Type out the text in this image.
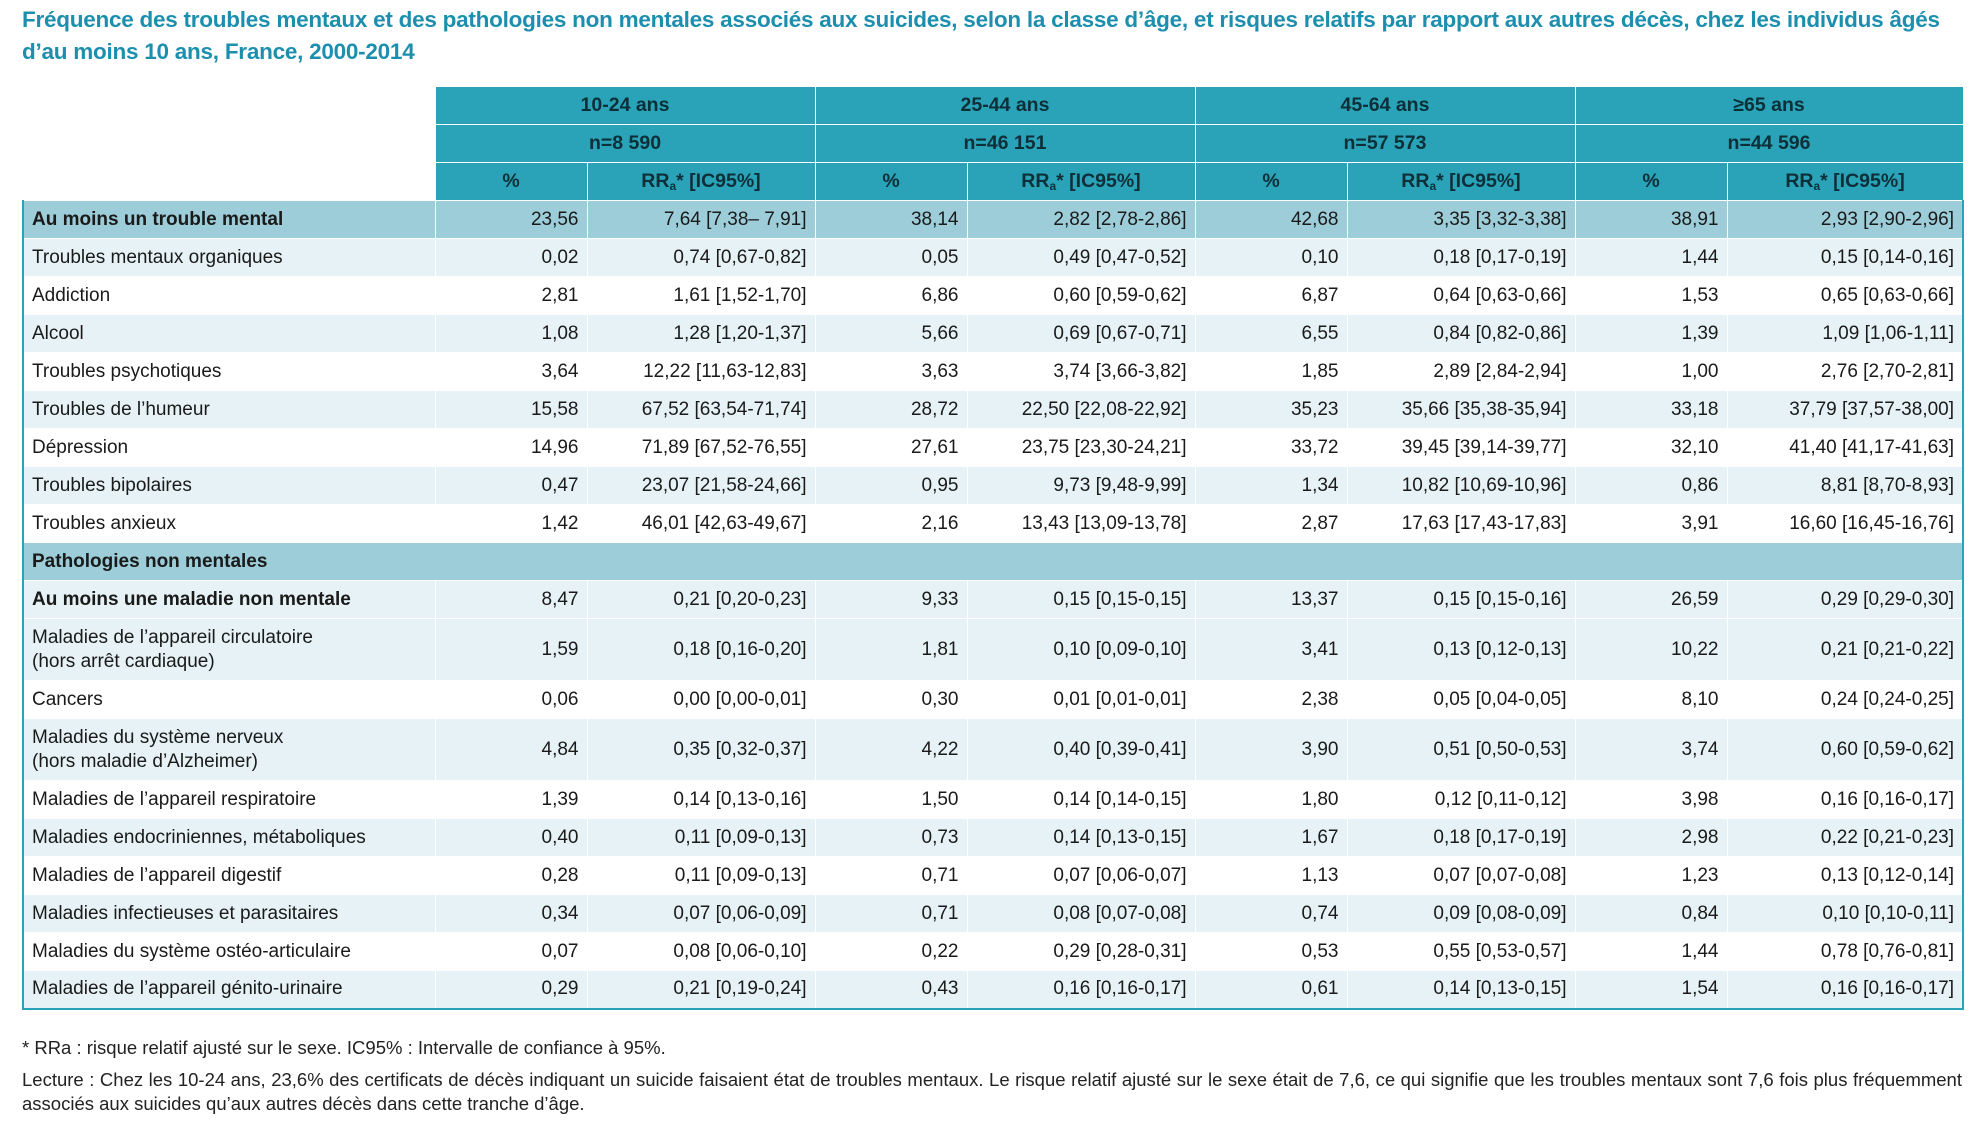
Fréquence des troubles mentaux et des pathologies non mentales associés aux suicides, selon la classe d’âge, et risques relatifs par rapport aux autres décès, chez les individus âgés d’au moins 10 ans, France, 2000-2014
	10-24 ans		25-44 ans		45-64 ans		≥65 ans	
	n=8 590		n=46 151		n=57 573		n=44 596	
	%	$RR_a*$ [IC95%]	%	$RR_a*$ [IC95%]	%	$RR_a*$ [IC95%]	%	$RR_a*$ [IC95%]
Au moins un trouble mental	23,56	7,64 [7,38– 7,91]	38,14	2,82 [2,78-2,86]	42,68	3,35 [3,32-3,38]	38,91	2,93 [2,90-2,96]
Troubles mentaux organiques	0,02	0,74 [0,67-0,82]	0,05	0,49 [0,47-0,52]	0,10	0,18 [0,17-0,19]	1,44	0,15 [0,14-0,16]
Addiction	2,81	1,61 [1,52-1,70]	6,86	0,60 [0,59-0,62]	6,87	0,64 [0,63-0,66]	1,53	0,65 [0,63-0,66]
Alcool	1,08	1,28 [1,20-1,37]	5,66	0,69 [0,67-0,71]	6,55	0,84 [0,82-0,86]	1,39	1,09 [1,06-1,11]
Troubles psychotiques	3,64	12,22 [11,63-12,83]	3,63	3,74 [3,66-3,82]	1,85	2,89 [2,84-2,94]	1,00	2,76 [2,70-2,81]
Troubles de l’humeur	15,58	67,52 [63,54-71,74]	28,72	22,50 [22,08-22,92]	35,23	35,66 [35,38-35,94]	33,18	37,79 [37,57-38,00]
Dépression	14,96	71,89 [67,52-76,55]	27,61	23,75 [23,30-24,21]	33,72	39,45 [39,14-39,77]	32,10	41,40 [41,17-41,63]
Troubles bipolaires	0,47	23,07 [21,58-24,66]	0,95	9,73 [9,48-9,99]	1,34	10,82 [10,69-10,96]	0,86	8,81 [8,70-8,93]
Troubles anxieux	1,42	46,01 [42,63-49,67]	2,16	13,43 [13,09-13,78]	2,87	17,63 [17,43-17,83]	3,91	16,60 [16,45-16,76]
Pathologies non mentales								
Au moins une maladie non mentale	8,47	0,21 [0,20-0,23]	9,33	0,15 [0,15-0,15]	13,37	0,15 [0,15-0,16]	26,59	0,29 [0,29-0,30]
Maladies de l’appareil circulatoire
(hors arrêt cardiaque)	1,59	0,18 [0,16-0,20]	1,81	0,10 [0,09-0,10]	3,41	0,13 [0,12-0,13]	10,22	0,21 [0,21-0,22]
Cancers	0,06	0,00 [0,00-0,01]	0,30	0,01 [0,01-0,01]	2,38	0,05 [0,04-0,05]	8,10	0,24 [0,24-0,25]
Maladies du système nerveux
(hors maladie d’Alzheimer)	4,84	0,35 [0,32-0,37]	4,22	0,40 [0,39-0,41]	3,90	0,51 [0,50-0,53]	3,74	0,60 [0,59-0,62]
Maladies de l’appareil respiratoire	1,39	0,14 [0,13-0,16]	1,50	0,14 [0,14-0,15]	1,80	0,12 [0,11-0,12]	3,98	0,16 [0,16-0,17]
Maladies endocriniennes, métaboliques	0,40	0,11 [0,09-0,13]	0,73	0,14 [0,13-0,15]	1,67	0,18 [0,17-0,19]	2,98	0,22 [0,21-0,23]
Maladies de l’appareil digestif	0,28	0,11 [0,09-0,13]	0,71	0,07 [0,06-0,07]	1,13	0,07 [0,07-0,08]	1,23	0,13 [0,12-0,14]
Maladies infectieuses et parasitaires	0,34	0,07 [0,06-0,09]	0,71	0,08 [0,07-0,08]	0,74	0,09 [0,08-0,09]	0,84	0,10 [0,10-0,11]
Maladies du système ostéo-articulaire	0,07	0,08 [0,06-0,10]	0,22	0,29 [0,28-0,31]	0,53	0,55 [0,53-0,57]	1,44	0,78 [0,76-0,81]
Maladies de l’appareil génito-urinaire	0,29	0,21 [0,19-0,24]	0,43	0,16 [0,16-0,17]	0,61	0,14 [0,13-0,15]	1,54	0,16 [0,16-0,17]

* RRa : risque relatif ajusté sur le sexe. IC95% : Intervalle de confiance à 95%.

Lecture : Chez les 10-24 ans, 23,6% des certificats de décès indiquant un suicide faisaient état de troubles mentaux. Le risque relatif ajusté sur le sexe était de 7,6, ce qui signifie que les troubles mentaux sont 7,6 fois plus fréquemment associés aux suicides qu’aux autres décès dans cette tranche d’âge.
